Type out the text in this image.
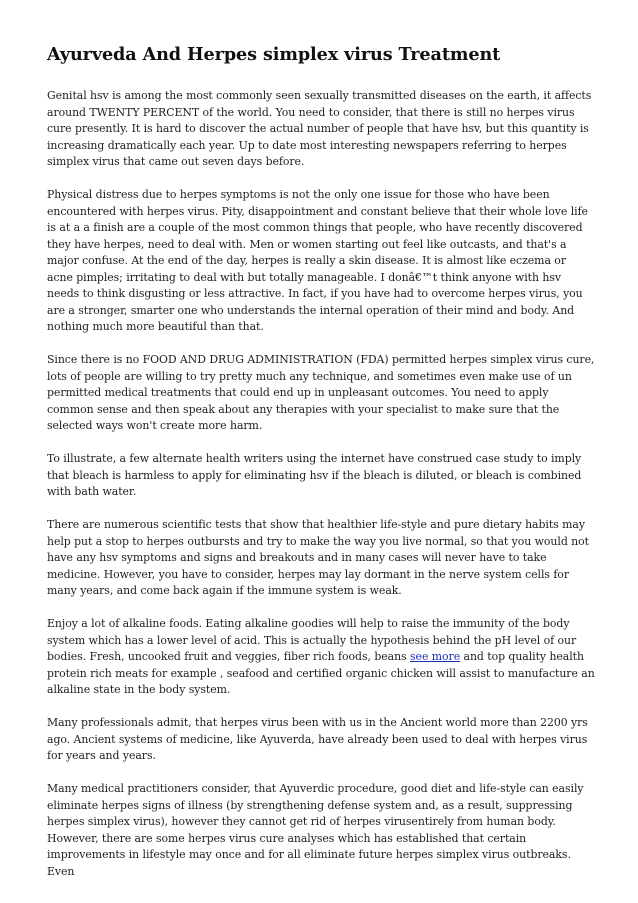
Ayurveda And Herpes simplex virus Treatment

Genital hsv is among the most commonly seen sexually transmitted diseases on the earth, it affects around TWENTY PERCENT of the world. You need to consider, that there is still no herpes virus cure presently. It is hard to discover the actual number of people that have hsv, but this quantity is increasing dramatically each year. Up to date most interesting newspapers referring to herpes simplex virus that came out seven days before.

Physical distress due to herpes symptoms is not the only one issue for those who have been encountered with herpes virus. Pity, disappointment and constant believe that their whole love life is at a a finish are a couple of the most common things that people, who have recently discovered they have herpes, need to deal with. Men or women starting out feel like outcasts, and that's a major confuse. At the end of the day, herpes is really a skin disease. It is almost like eczema or acne pimples; irritating to deal with but totally manageable. I donâ€™t think anyone with hsv needs to think disgusting or less attractive. In fact, if you have had to overcome herpes virus, you are a stronger, smarter one who understands the internal operation of their mind and body. And nothing much more beautiful than that.

Since there is no FOOD AND DRUG ADMINISTRATION (FDA) permitted herpes simplex virus cure, lots of people are willing to try pretty much any technique, and sometimes even make use of un permitted medical treatments that could end up in unpleasant outcomes. You need to apply common sense and then speak about any therapies with your specialist to make sure that the selected ways won't create more harm.

To illustrate, a few alternate health writers using the internet have construed case study to imply that bleach is harmless to apply for eliminating hsv if the bleach is diluted, or bleach is combined with bath water.

There are numerous scientific tests that show that healthier life-style and pure dietary habits may help put a stop to herpes outbursts and try to make the way you live normal, so that you would not have any hsv symptoms and signs and breakouts and in many cases will never have to take medicine. However, you have to consider, herpes may lay dormant in the nerve system cells for many years, and come back again if the immune system is weak.

Enjoy a lot of alkaline foods. Eating alkaline goodies will help to raise the immunity of the body system which has a lower level of acid. This is actually the hypothesis behind the pH level of our bodies. Fresh, uncooked fruit and veggies, fiber rich foods, beans see more and top quality health protein rich meats for example , seafood and certified organic chicken will assist to manufacture an alkaline state in the body system.

Many professionals admit, that herpes virus been with us in the Ancient world more than 2200 yrs ago. Ancient systems of medicine, like Ayuverda, have already been used to deal with herpes virus for years and years.

Many medical practitioners consider, that Ayuverdic procedure, good diet and life-style can easily eliminate herpes signs of illness (by strengthening defense system and, as a result, suppressing herpes simplex virus), however they cannot get rid of herpes virusentirely from human body. However, there are some herpes virus cure analyses which has established that certain improvements in lifestyle may once and for all eliminate future herpes simplex virus outbreaks. Even
